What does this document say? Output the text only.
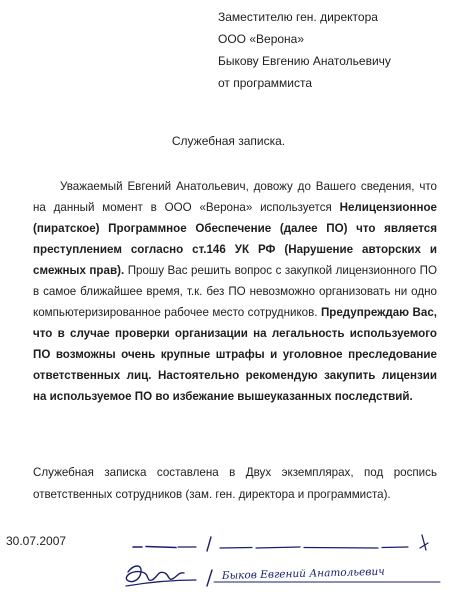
Заместителю ген. директора
ООО «Верона»
Быкову Евгению Анатольевичу
от программиста
Служебная записка.

Уважаемый Евгений Анатольевич, довожу до Вашего сведения, что на данный момент в ООО «Верона» используется Нелицензионное (пиратское) Программное Обеспечение (далее ПО) что является преступлением согласно ст.146 УК РФ (Нарушение авторских и смежных прав). Прошу Вас решить вопрос с закупкой лицензионного ПО в самое ближайшее время, т.к. без ПО невозможно организовать ни одно компьютеризированное рабочее место сотрудников. Предупреждаю Вас, что в случае проверки организации на легальность используемого ПО возможны очень крупные штрафы и уголовное преследование ответственных лиц. Настоятельно рекомендую закупить лицензии на используемое ПО во избежание вышеуказанных последствий.

Служебная записка составлена в Двух экземплярах, под роспись ответственных сотрудников (зам. ген. директора и программиста).

30.07.2007
Быков Евгений Анатольевич
